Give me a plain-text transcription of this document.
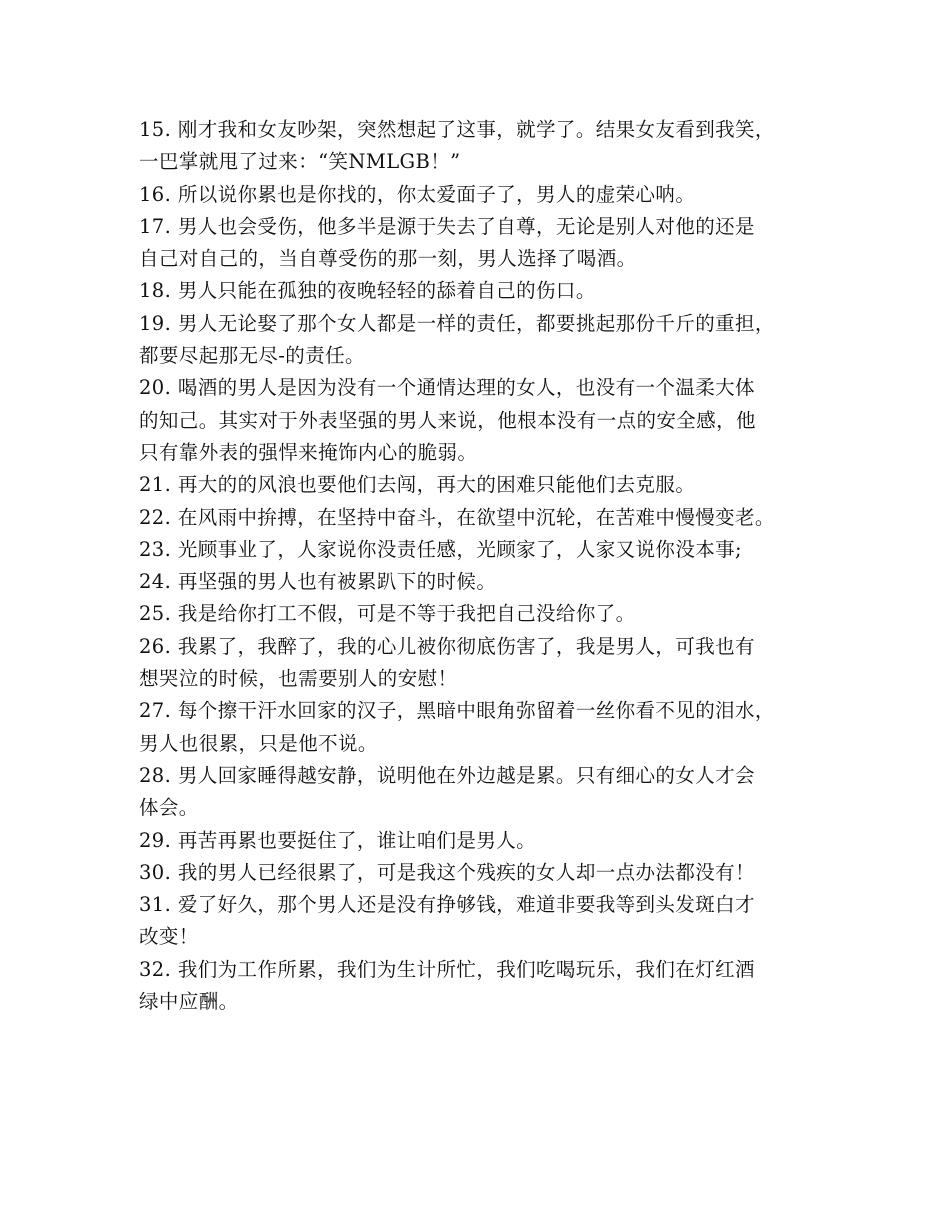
15. 刚才我和女友吵架，突然想起了这事，就学了。结果女友看到我笑，
一巴掌就甩了过来：“笑NMLGB！”
16. 所以说你累也是你找的，你太爱面子了，男人的虚荣心呐。
17. 男人也会受伤，他多半是源于失去了自尊，无论是别人对他的还是
自己对自己的，当自尊受伤的那一刻，男人选择了喝酒。
18. 男人只能在孤独的夜晚轻轻的舔着自己的伤口。
19. 男人无论娶了那个女人都是一样的责任，都要挑起那份千斤的重担，
都要尽起那无尽-的责任。
20. 喝酒的男人是因为没有一个通情达理的女人，也没有一个温柔大体
的知己。其实对于外表坚强的男人来说，他根本没有一点的安全感，他
只有靠外表的强悍来掩饰内心的脆弱。
21. 再大的的风浪也要他们去闯，再大的困难只能他们去克服。
22. 在风雨中拚搏，在坚持中奋斗，在欲望中沉轮，在苦难中慢慢变老。
23. 光顾事业了，人家说你没责任感，光顾家了，人家又说你没本事;
24. 再坚强的男人也有被累趴下的时候。
25. 我是给你打工不假，可是不等于我把自己没给你了。
26. 我累了，我醉了，我的心儿被你彻底伤害了，我是男人，可我也有
想哭泣的时候，也需要别人的安慰！
27. 每个擦干汗水回家的汉子，黑暗中眼角弥留着一丝你看不见的泪水，
男人也很累，只是他不说。
28. 男人回家睡得越安静，说明他在外边越是累。只有细心的女人才会
体会。
29. 再苦再累也要挺住了，谁让咱们是男人。
30. 我的男人已经很累了，可是我这个残疾的女人却一点办法都没有！
31. 爱了好久，那个男人还是没有挣够钱，难道非要我等到头发斑白才
改变！
32. 我们为工作所累，我们为生计所忙，我们吃喝玩乐，我们在灯红酒
绿中应酬。
